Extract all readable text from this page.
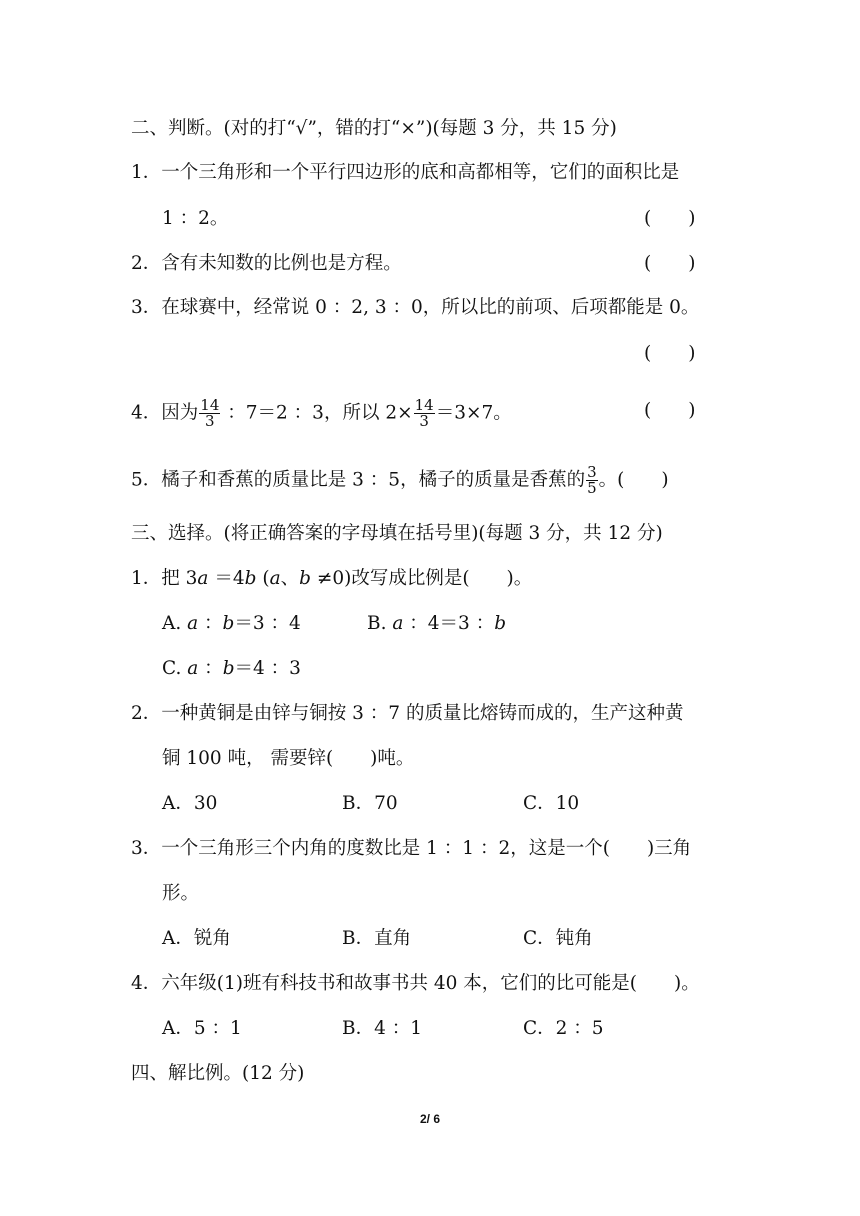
二、判断。(对的打“√”，错的打“×”)(每题 3 分，共 15 分)
1．一个三角形和一个平行四边形的底和高都相等，它们的面积比是
1 ：2。	(　　)
2．含有未知数的比例也是方程。	(　　)
3．在球赛中，经常说 0 ：2, 3 ：0，所以比的前项、后项都能是 0。
(　　)
4．因为 $\frac{14}{3}$ ：7＝2 ：3，所以 $2\times \frac{14}{3} =3\times 7$。	(　　)
5．橘子和香蕉的质量比是 3 ：5，橘子的质量是香蕉的 $\frac{3}{5}$ 。(　　)
三、选择。(将正确答案的字母填在括号里)(每题 3 分，共 12 分)
1．把 3a ＝4b (a、b ≠0)改写成比例是(　　)。
A. a ：b＝3 ：4	B. a ：4＝3 ：b
C. a ：b＝4 ：3
2．一种黄铜是由锌与铜按 3 ：7 的质量比熔铸而成的，生产这种黄
铜 100 吨， 需要锌(　　)吨。
A．30	B．70	C．10
3．一个三角形三个内角的度数比是 1 ：1 ：2，这是一个(　　)三角
形。
A．锐角	B．直角	C．钝角
4．六年级(1)班有科技书和故事书共 40 本，它们的比可能是(　　)。
A．5 ：1	B．4 ：1	C．2 ：5
四、解比例。(12 分)
2/ 6
